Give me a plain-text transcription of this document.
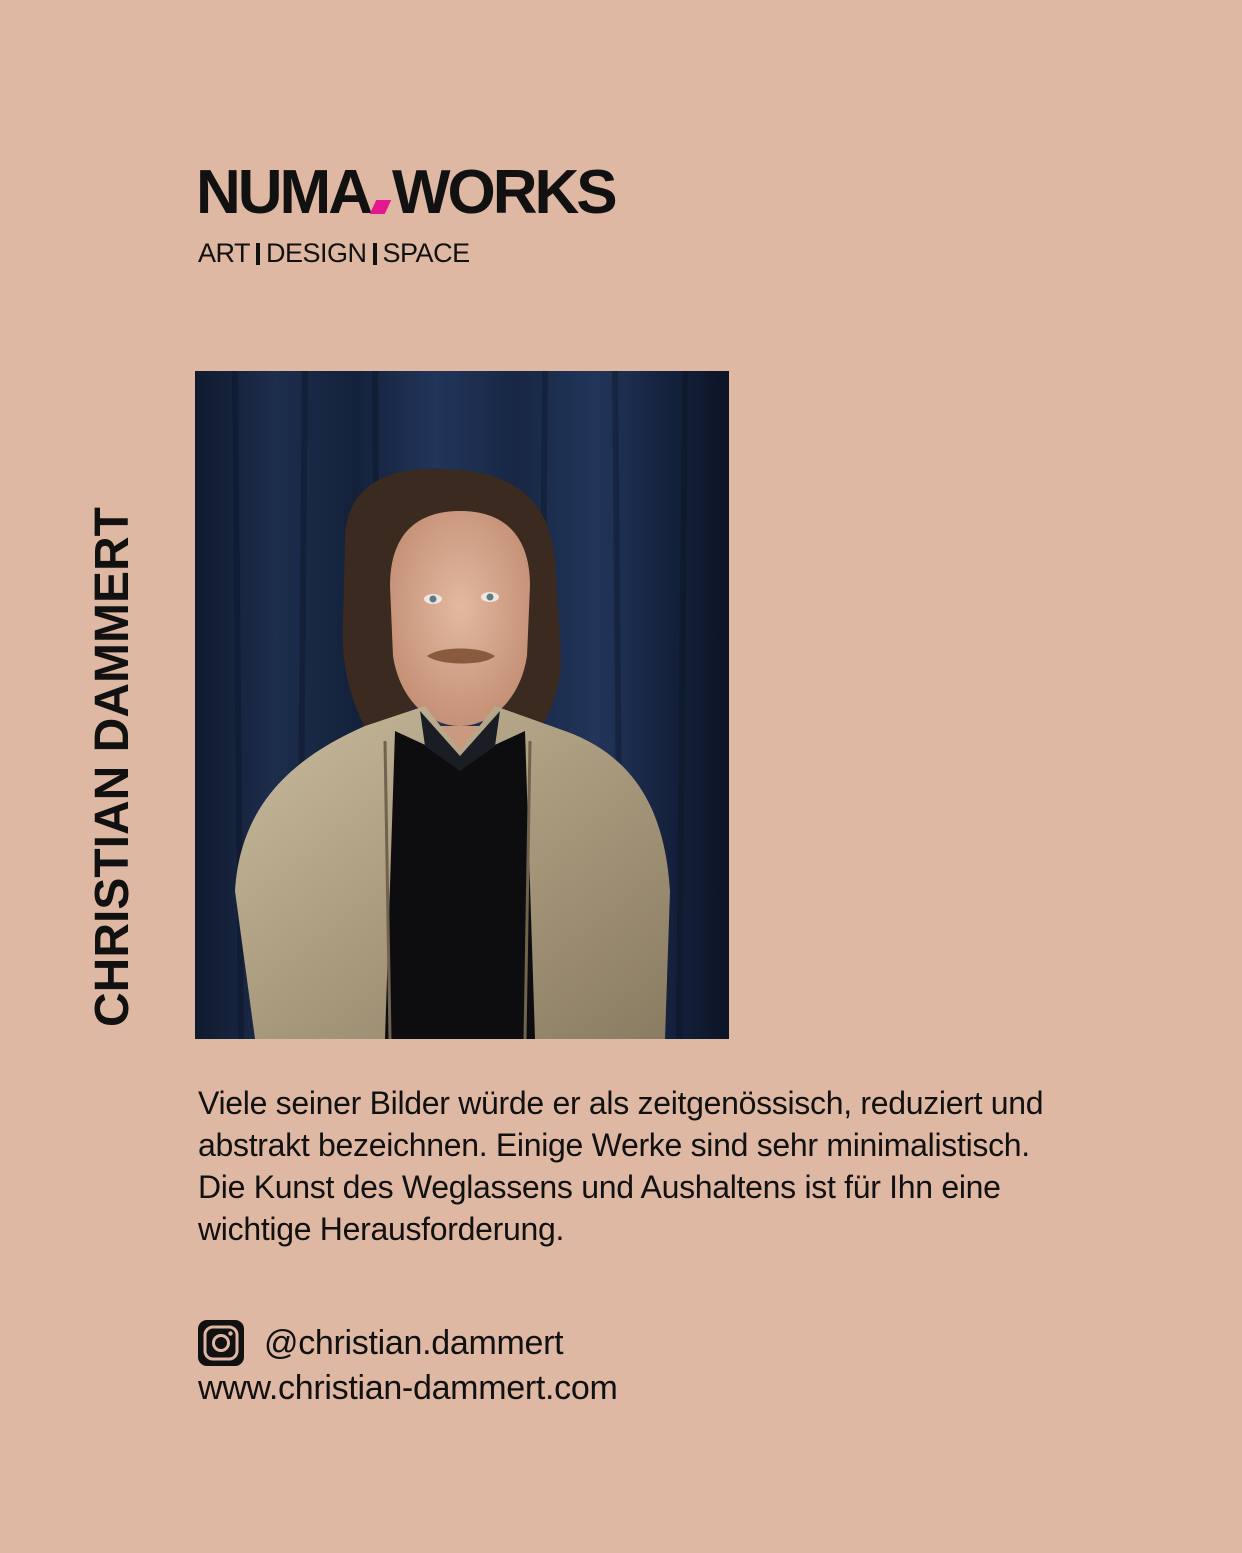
NUMA WORKS
ART DESIGN SPACE
CHRISTIAN DAMMERT

Viele seiner Bilder würde er als zeitgenössisch, reduziert und abstrakt bezeichnen. Einige Werke sind sehr minimalistisch.

Die Kunst des Weglassens und Aushaltens ist für Ihn eine wichtige Herausforderung.

@christian.dammert
www.christian-dammert.com
